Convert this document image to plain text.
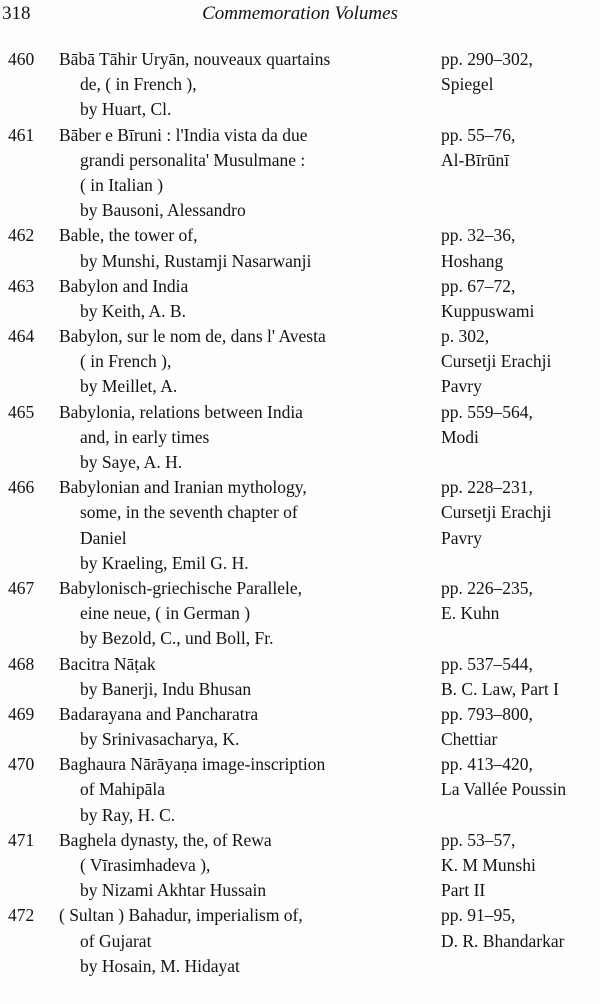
318	Commemoration Volumes
460 Bābā Tāhir Uryān, nouveaux quartains	pp. 290–302,
de, ( in French ),	Spiegel
by Huart, Cl.
461 Bāber e Bīruni : l'India vista da due	pp. 55–76,
grandi personalita' Musulmane :	Al-Bīrūnī
( in Italian )
by Bausoni, Alessandro
462 Bable, the tower of,	pp. 32–36,
by Munshi, Rustamji Nasarwanji	Hoshang
463 Babylon and India	pp. 67–72,
by Keith, A. B.	Kuppuswami
464 Babylon, sur le nom de, dans l' Avesta	p. 302,
( in French ),	Cursetji Erachji
by Meillet, A.	Pavry
465 Babylonia, relations between India	pp. 559–564,
and, in early times	Modi
by Saye, A. H.
466 Babylonian and Iranian mythology,	pp. 228–231,
some, in the seventh chapter of	Cursetji Erachji
Daniel	Pavry
by Kraeling, Emil G. H.
467 Babylonisch-griechische Parallele,	pp. 226–235,
eine neue, ( in German )	E. Kuhn
by Bezold, C., und Boll, Fr.
468 Bacitra Nāṭak	pp. 537–544,
by Banerji, Indu Bhusan	B. C. Law, Part I
469 Badarayana and Pancharatra	pp. 793–800,
by Srinivasacharya, K.	Chettiar
470 Baghaura Nārāyaṇa image-inscription	pp. 413–420,
of Mahipāla	La Vallée Poussin
by Ray, H. C.
471 Baghela dynasty, the, of Rewa	pp. 53–57,
( Vīrasimhadeva ),	K. M Munshi
by Nizami Akhtar Hussain	Part II
472 ( Sultan ) Bahadur, imperialism of,	pp. 91–95,
of Gujarat	D. R. Bhandarkar
by Hosain, M. Hidayat
